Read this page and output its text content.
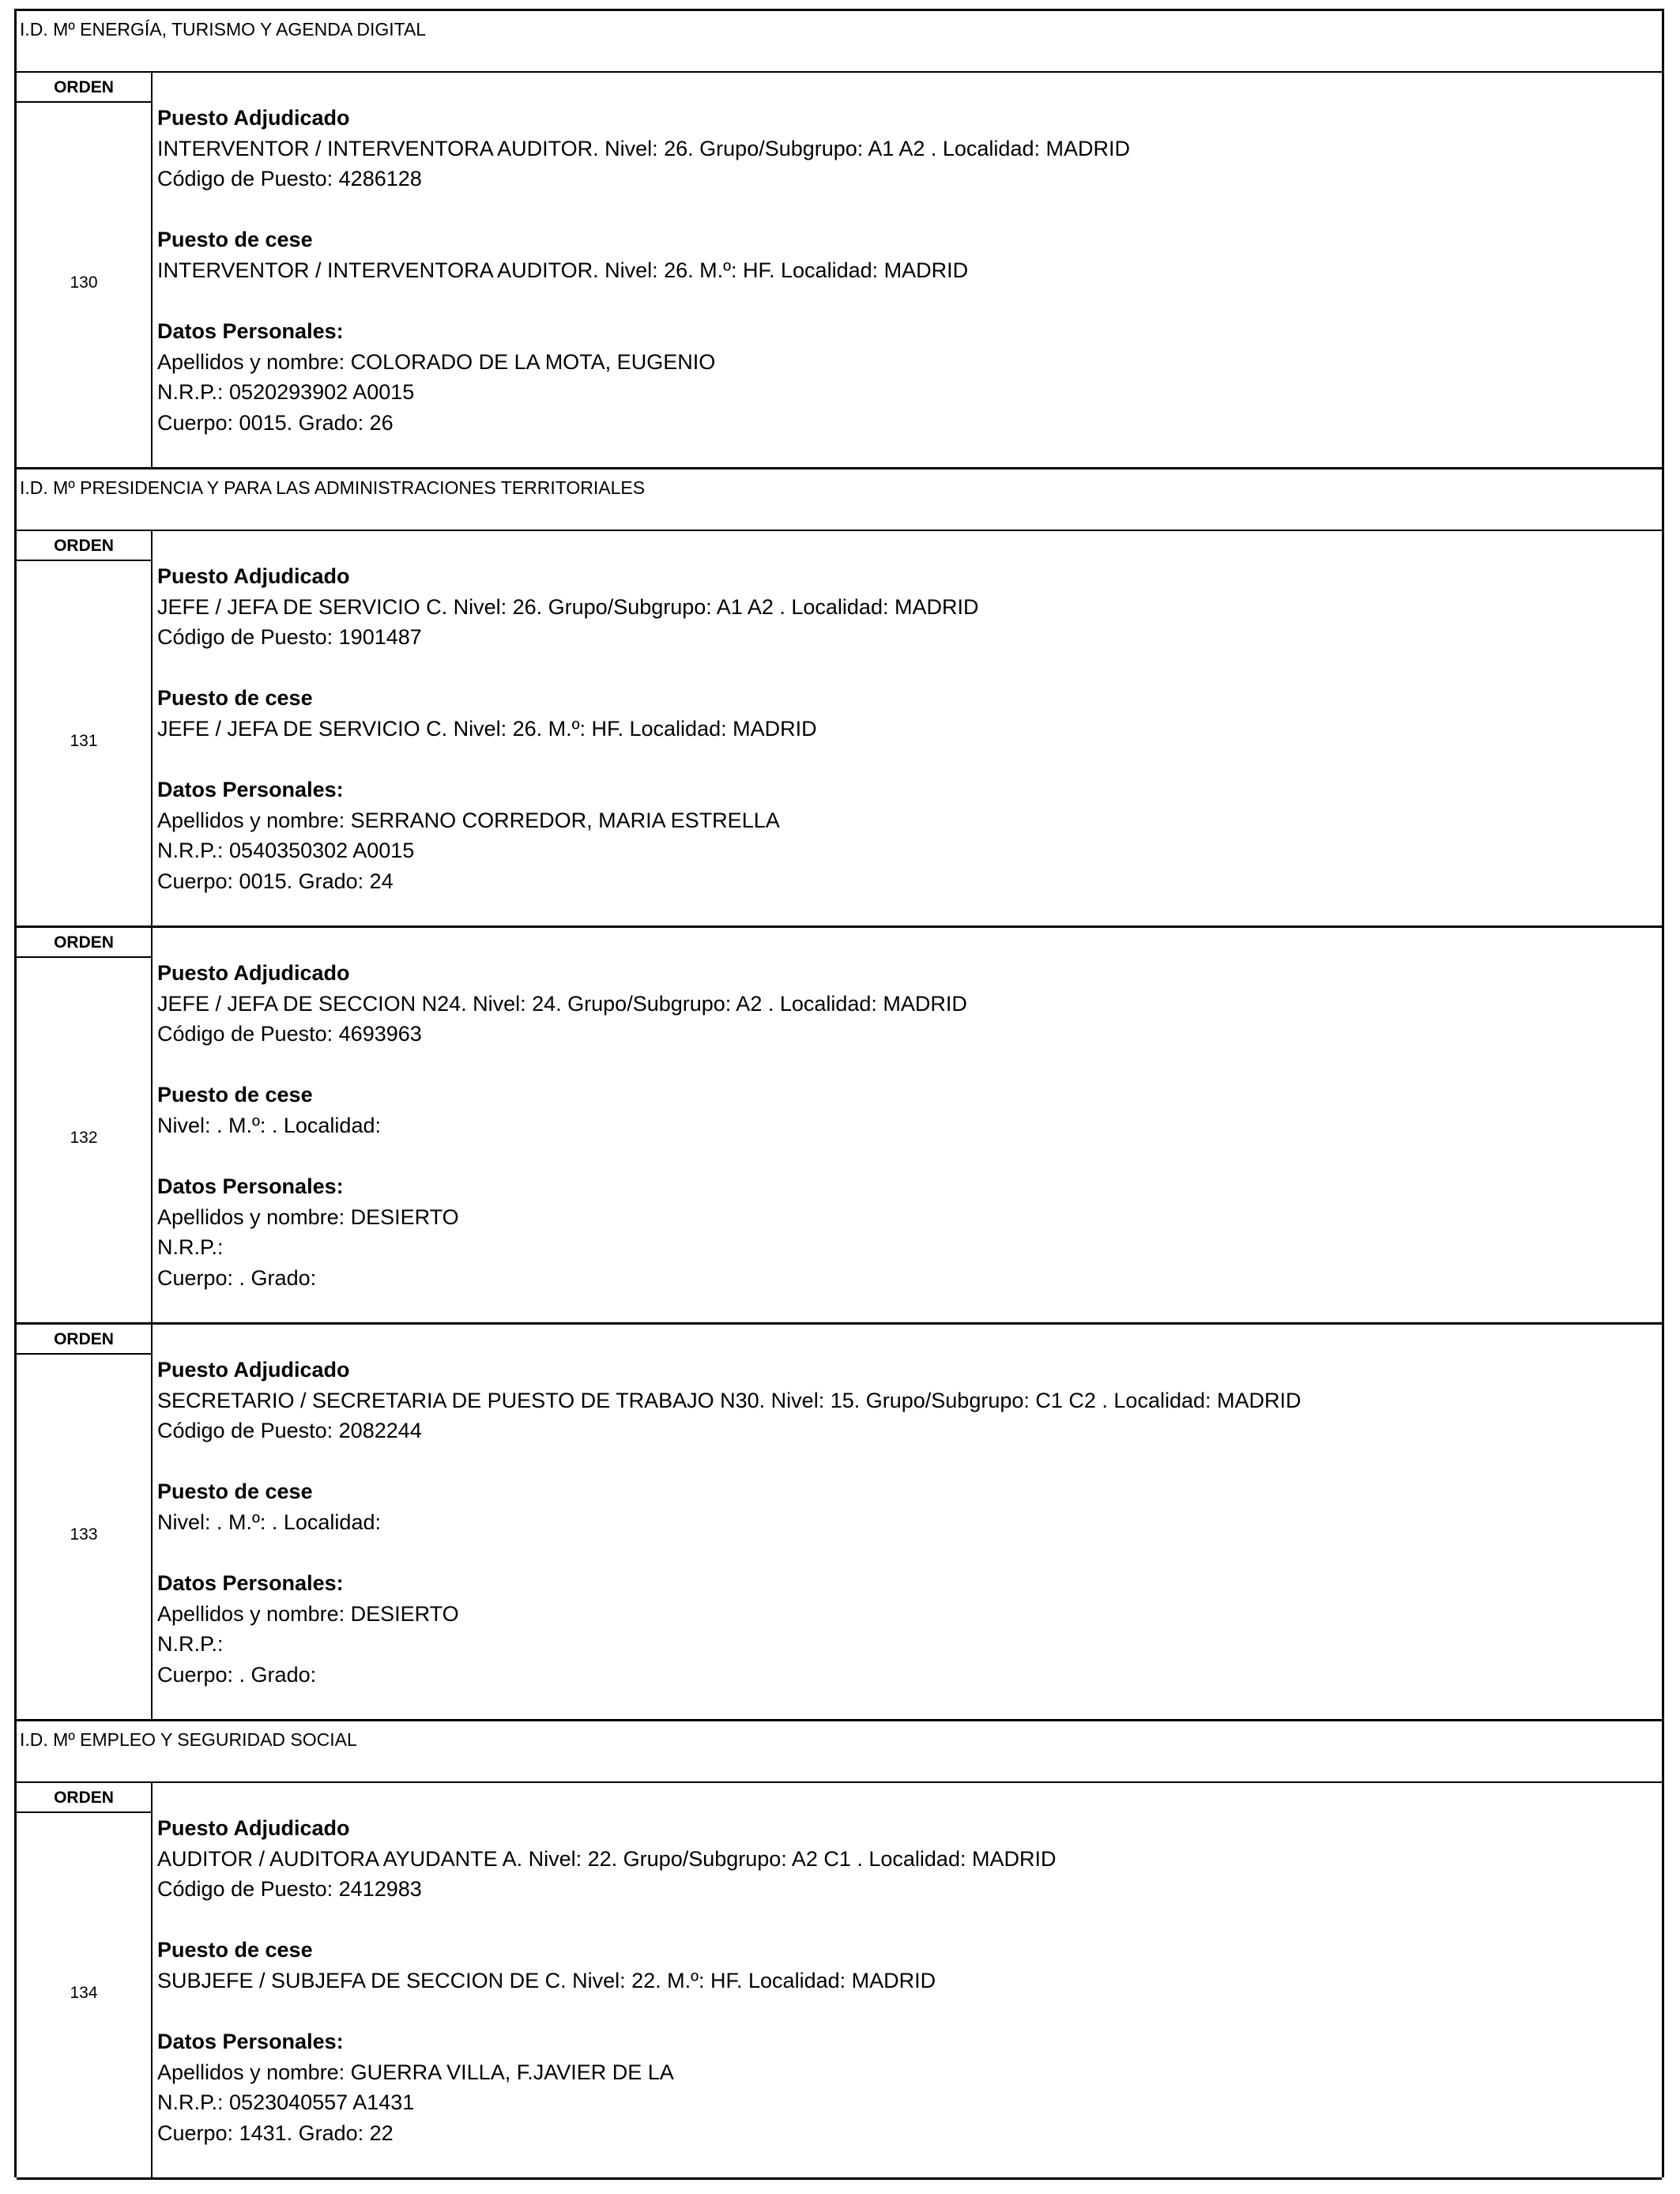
I.D. Mº ENERGÍA, TURISMO Y AGENDA DIGITAL
ORDEN
130
Puesto Adjudicado
INTERVENTOR / INTERVENTORA AUDITOR. Nivel: 26. Grupo/Subgrupo: A1 A2 . Localidad: MADRID
Código de Puesto: 4286128
Puesto de cese
INTERVENTOR / INTERVENTORA AUDITOR. Nivel: 26. M.º: HF. Localidad: MADRID
Datos Personales:
Apellidos y nombre: COLORADO DE LA MOTA, EUGENIO
N.R.P.: 0520293902 A0015
Cuerpo: 0015. Grado: 26
I.D. Mº PRESIDENCIA Y PARA LAS ADMINISTRACIONES TERRITORIALES
ORDEN
131
Puesto Adjudicado
JEFE / JEFA DE SERVICIO C. Nivel: 26. Grupo/Subgrupo: A1 A2 . Localidad: MADRID
Código de Puesto: 1901487
Puesto de cese
JEFE / JEFA DE SERVICIO C. Nivel: 26. M.º: HF. Localidad: MADRID
Datos Personales:
Apellidos y nombre: SERRANO CORREDOR, MARIA ESTRELLA
N.R.P.: 0540350302 A0015
Cuerpo: 0015. Grado: 24
ORDEN
132
Puesto Adjudicado
JEFE / JEFA DE SECCION N24. Nivel: 24. Grupo/Subgrupo: A2 . Localidad: MADRID
Código de Puesto: 4693963
Puesto de cese
Nivel: . M.º: . Localidad:
Datos Personales:
Apellidos y nombre: DESIERTO
N.R.P.:
Cuerpo: . Grado:
ORDEN
133
Puesto Adjudicado
SECRETARIO / SECRETARIA DE PUESTO DE TRABAJO N30. Nivel: 15. Grupo/Subgrupo: C1 C2 . Localidad: MADRID
Código de Puesto: 2082244
Puesto de cese
Nivel: . M.º: . Localidad:
Datos Personales:
Apellidos y nombre: DESIERTO
N.R.P.:
Cuerpo: . Grado:
I.D. Mº EMPLEO Y SEGURIDAD SOCIAL
ORDEN
134
Puesto Adjudicado
AUDITOR / AUDITORA AYUDANTE A. Nivel: 22. Grupo/Subgrupo: A2 C1 . Localidad: MADRID
Código de Puesto: 2412983
Puesto de cese
SUBJEFE / SUBJEFA DE SECCION DE C. Nivel: 22. M.º: HF. Localidad: MADRID
Datos Personales:
Apellidos y nombre: GUERRA VILLA, F.JAVIER DE LA
N.R.P.: 0523040557 A1431
Cuerpo: 1431. Grado: 22
